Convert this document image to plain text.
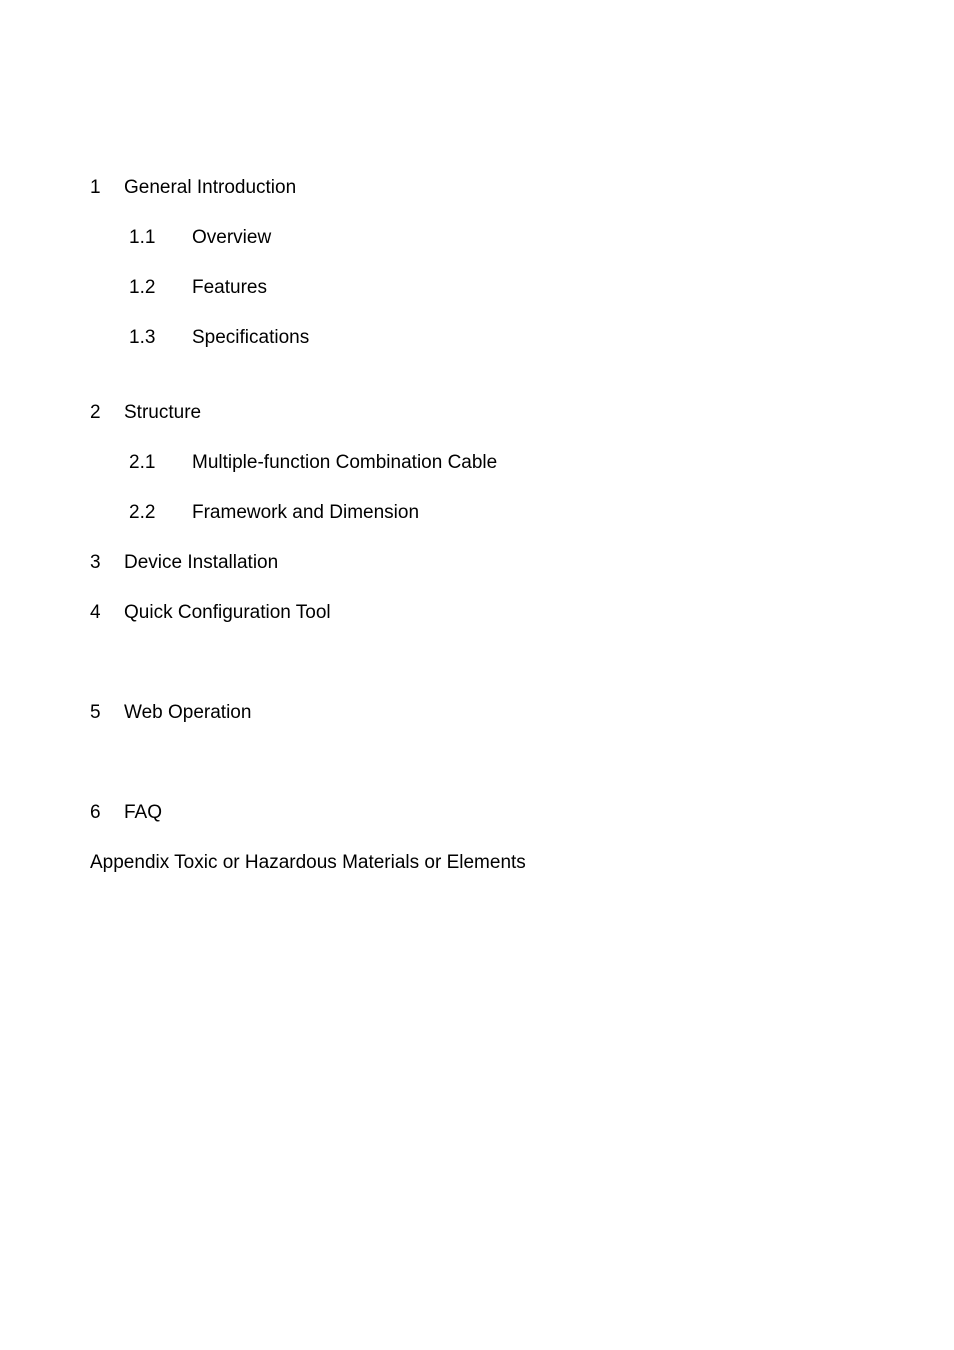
1 General Introduction
1.1 Overview
1.2 Features
1.3 Specifications
2 Structure
2.1 Multiple-function Combination Cable
2.2 Framework and Dimension
3 Device Installation
4 Quick Configuration Tool
5 Web Operation
6 FAQ
Appendix Toxic or Hazardous Materials or Elements
